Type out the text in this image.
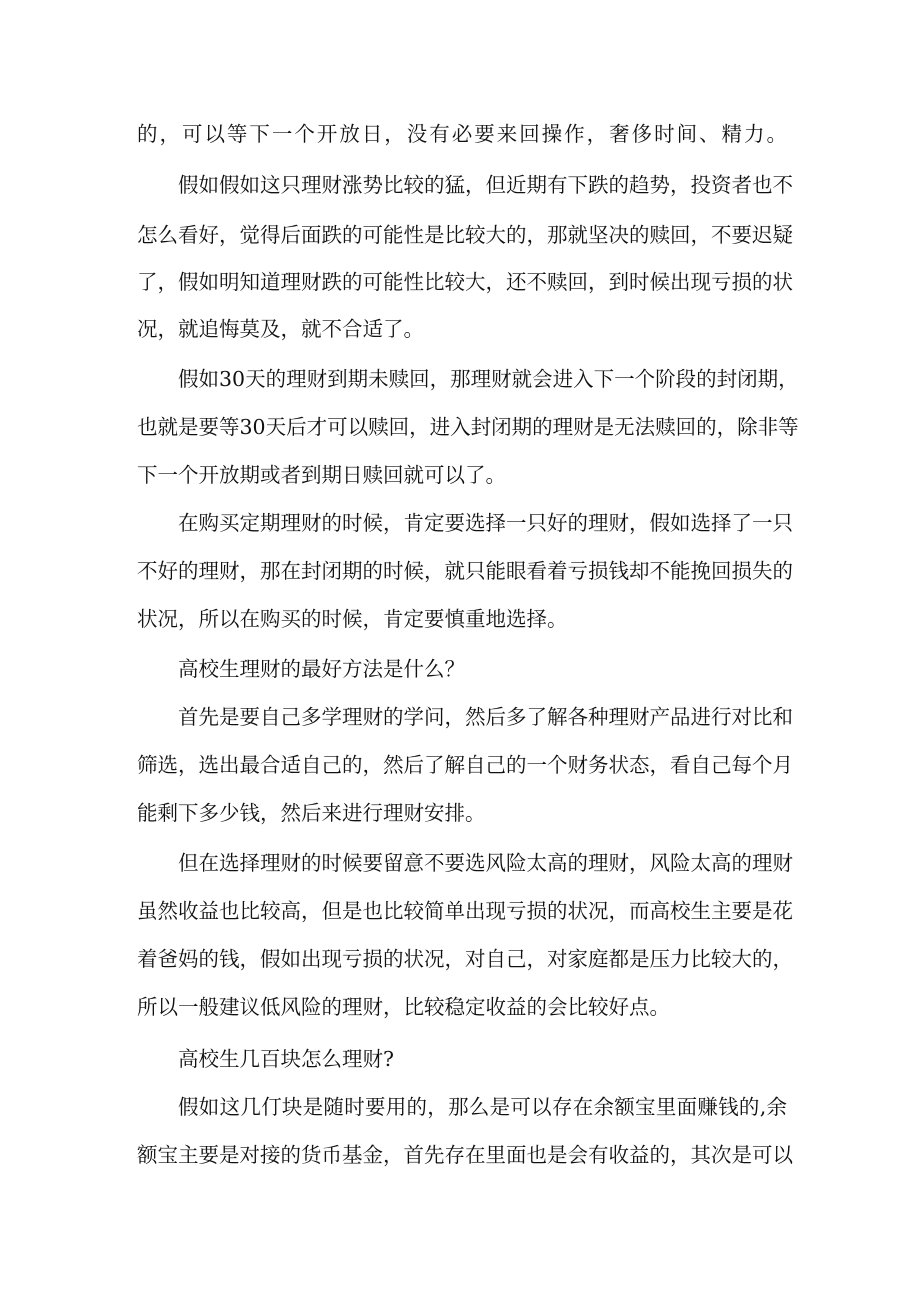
的，可以等下一个开放日，没有必要来回操作，奢侈时间、精力。
假如假如这只理财涨势比较的猛，但近期有下跌的趋势，投资者也不
怎么看好，觉得后面跌的可能性是比较大的，那就坚决的赎回，不要迟疑
了，假如明知道理财跌的可能性比较大，还不赎回，到时候出现亏损的状
况，就追悔莫及，就不合适了。
假如30天的理财到期未赎回，那理财就会进入下一个阶段的封闭期，
也就是要等30天后才可以赎回，进入封闭期的理财是无法赎回的，除非等
下一个开放期或者到期日赎回就可以了。
在购买定期理财的时候，肯定要选择一只好的理财，假如选择了一只
不好的理财，那在封闭期的时候，就只能眼看着亏损钱却不能挽回损失的
状况，所以在购买的时候，肯定要慎重地选择。
高校生理财的最好方法是什么？
首先是要自己多学理财的学问，然后多了解各种理财产品进行对比和
筛选，选出最合适自己的，然后了解自己的一个财务状态，看自己每个月
能剩下多少钱，然后来进行理财安排。
但在选择理财的时候要留意不要选风险太高的理财，风险太高的理财
虽然收益也比较高，但是也比较简单出现亏损的状况，而高校生主要是花
着爸妈的钱，假如出现亏损的状况，对自己，对家庭都是压力比较大的，
所以一般建议低风险的理财，比较稳定收益的会比较好点。
高校生几百块怎么理财?
假如这几仃块是随时要用的，那么是可以存在余额宝里面赚钱的,余
额宝主要是对接的货币基金，首先存在里面也是会有收益的，其次是可以
